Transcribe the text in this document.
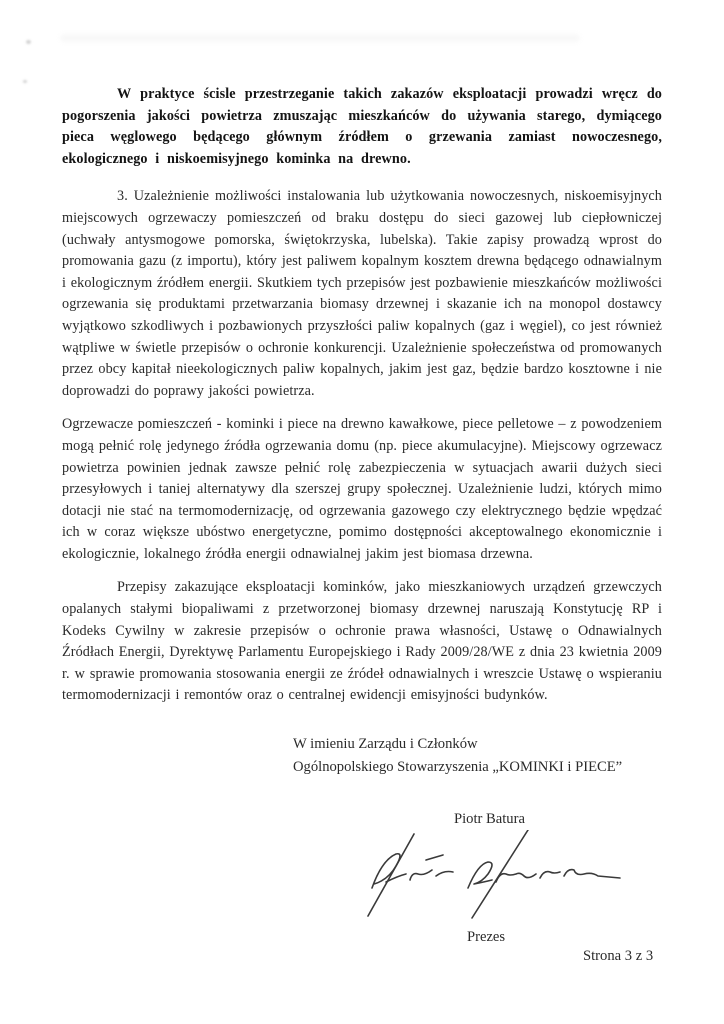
W praktyce ścisle przestrzeganie takich zakazów eksploatacji prowadzi wręcz do pogorszenia jakości powietrza zmuszając mieszkańców do używania starego, dymiącego pieca węglowego będącego głównym źródłem o grzewania zamiast nowoczesnego, ekologicznego i niskoemisyjnego kominka na drewno.

3. Uzależnienie możliwości instalowania lub użytkowania nowoczesnych, niskoemisyjnych miejscowych ogrzewaczy pomieszczeń od braku dostępu do sieci gazowej lub ciepłowniczej (uchwały antysmogowe pomorska, świętokrzyska, lubelska). Takie zapisy prowadzą wprost do promowania gazu (z importu), który jest paliwem kopalnym kosztem drewna będącego odnawialnym i ekologicznym źródłem energii. Skutkiem tych przepisów jest pozbawienie mieszkańców możliwości ogrzewania się produktami przetwarzania biomasy drzewnej i skazanie ich na monopol dostawcy wyjątkowo szkodliwych i pozbawionych przyszłości paliw kopalnych (gaz i węgiel), co jest również wątpliwe w świetle przepisów o ochronie konkurencji. Uzależnienie społeczeństwa od promowanych przez obcy kapitał nieekologicznych paliw kopalnych, jakim jest gaz, będzie bardzo kosztowne i nie doprowadzi do poprawy jakości powietrza.

Ogrzewacze pomieszczeń - kominki i piece na drewno kawałkowe, piece pelletowe – z powodzeniem mogą pełnić rolę jedynego źródła ogrzewania domu (np. piece akumulacyjne). Miejscowy ogrzewacz powietrza powinien jednak zawsze pełnić rolę zabezpieczenia w sytuacjach awarii dużych sieci przesyłowych i taniej alternatywy dla szerszej grupy społecznej. Uzależnienie ludzi, których mimo dotacji nie stać na termomodernizację, od ogrzewania gazowego czy elektrycznego będzie wpędzać ich w coraz większe ubóstwo energetyczne, pomimo dostępności akceptowalnego ekonomicznie i ekologicznie, lokalnego źródła energii odnawialnej jakim jest biomasa drzewna.

Przepisy zakazujące eksploatacji kominków, jako mieszkaniowych urządzeń grzewczych opalanych stałymi biopaliwami z przetworzonej biomasy drzewnej naruszają Konstytucję RP i Kodeks Cywilny w zakresie przepisów o ochronie prawa własności, Ustawę o Odnawialnych Źródłach Energii, Dyrektywę Parlamentu Europejskiego i Rady 2009/28/WE z dnia 23 kwietnia 2009 r. w sprawie promowania stosowania energii ze źródeł odnawialnych i wreszcie Ustawę o wspieraniu termomodernizacji i remontów oraz o centralnej ewidencji emisyjności budynków.

W imieniu Zarządu i Członków
Ogólnopolskiego Stowarzyszenia „KOMINKI i PIECE”
Piotr Batura
Prezes
Strona 3 z 3
